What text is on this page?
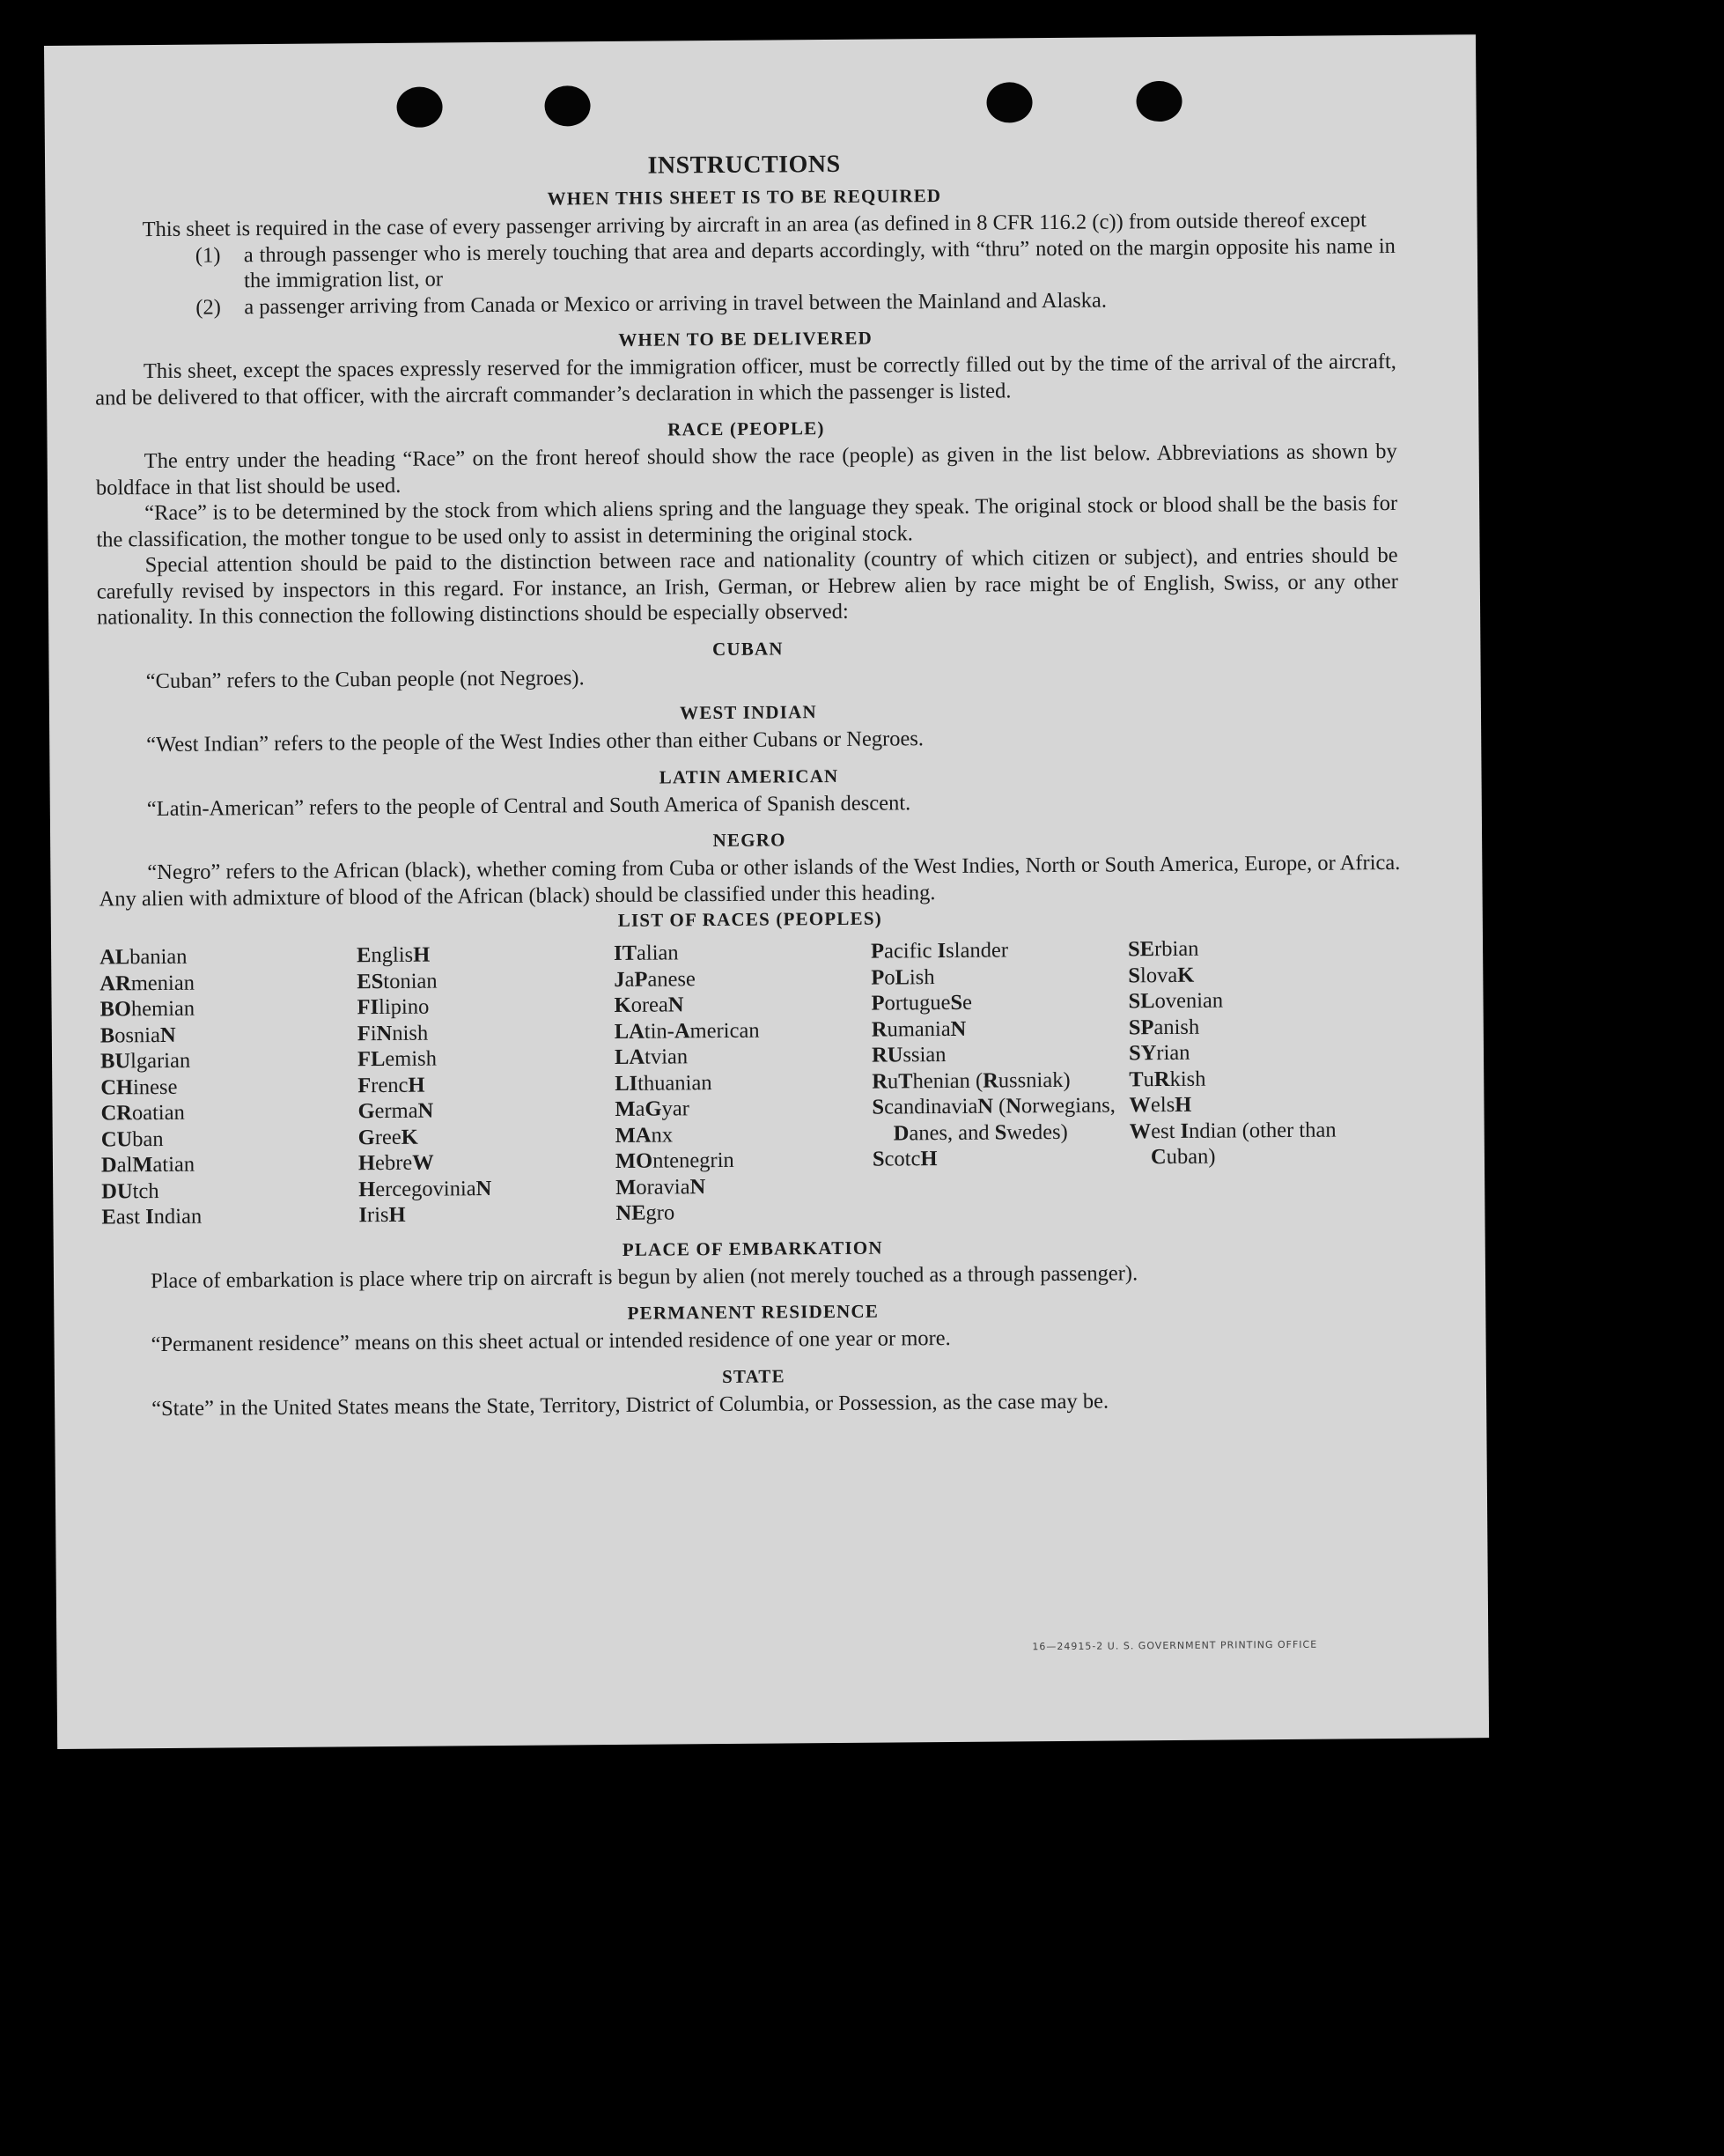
INSTRUCTIONS
WHEN THIS SHEET IS TO BE REQUIRED

This sheet is required in the case of every passenger arriving by aircraft in an area (as defined in 8 CFR 116.2 (c)) from outside thereof except

(1)	a through passenger who is merely touching that area and departs accordingly, with “thru” noted on the margin opposite his name in the immigration list, or
(2)	a passenger arriving from Canada or Mexico or arriving in travel between the Mainland and Alaska.
WHEN TO BE DELIVERED

This sheet, except the spaces expressly reserved for the immigration officer, must be correctly filled out by the time of the arrival of the aircraft, and be delivered to that officer, with the aircraft commander’s declaration in which the passenger is listed.

RACE (PEOPLE)

The entry under the heading “Race” on the front hereof should show the race (people) as given in the list below. Abbreviations as shown by boldface in that list should be used.

“Race” is to be determined by the stock from which aliens spring and the language they speak. The original stock or blood shall be the basis for the classification, the mother tongue to be used only to assist in determining the original stock.

Special attention should be paid to the distinction between race and nationality (country of which citizen or subject), and entries should be carefully revised by inspectors in this regard. For instance, an Irish, German, or Hebrew alien by race might be of English, Swiss, or any other nationality. In this connection the following distinctions should be especially observed:

CUBAN

“Cuban” refers to the Cuban people (not Negroes).

WEST INDIAN

“West Indian” refers to the people of the West Indies other than either Cubans or Negroes.

LATIN AMERICAN

“Latin-American” refers to the people of Central and South America of Spanish descent.

NEGRO

“Negro” refers to the African (black), whether coming from Cuba or other islands of the West Indies, North or South America, Europe, or Africa. Any alien with admixture of blood of the African (black) should be classified under this heading.

LIST OF RACES (PEOPLES)
ALbanian
ARmenian
BOhemian
BosniaN
BUlgarian
CHinese
CRoatian
CUban
DalMatian
DUtch
East Indian
EnglisH
EStonian
FIlipino
FiNnish
FLemish
FrencH
GermaN
GreeK
HebreW
HercegoviniaN
IrisH
ITalian
JaPanese
KoreaN
LAtin-American
LAtvian
LIthuanian
MaGyar
MAnx
MOntenegrin
MoraviaN
NEgro
Pacific Islander
PoLish
PortugueSe
RumaniaN
RUssian
RuThenian (Russniak)
ScandinaviaN (Norwegians, Danes, and Swedes)
ScotcH
SErbian
SlovaK
SLovenian
SPanish
SYrian
TuRkish
WelsH
West Indian (other than Cuban)
PLACE OF EMBARKATION

Place of embarkation is place where trip on aircraft is begun by alien (not merely touched as a through passenger).

PERMANENT RESIDENCE

“Permanent residence” means on this sheet actual or intended residence of one year or more.

STATE

“State” in the United States means the State, Territory, District of Columbia, or Possession, as the case may be.

16—24915-2 U. S. GOVERNMENT PRINTING OFFICE
